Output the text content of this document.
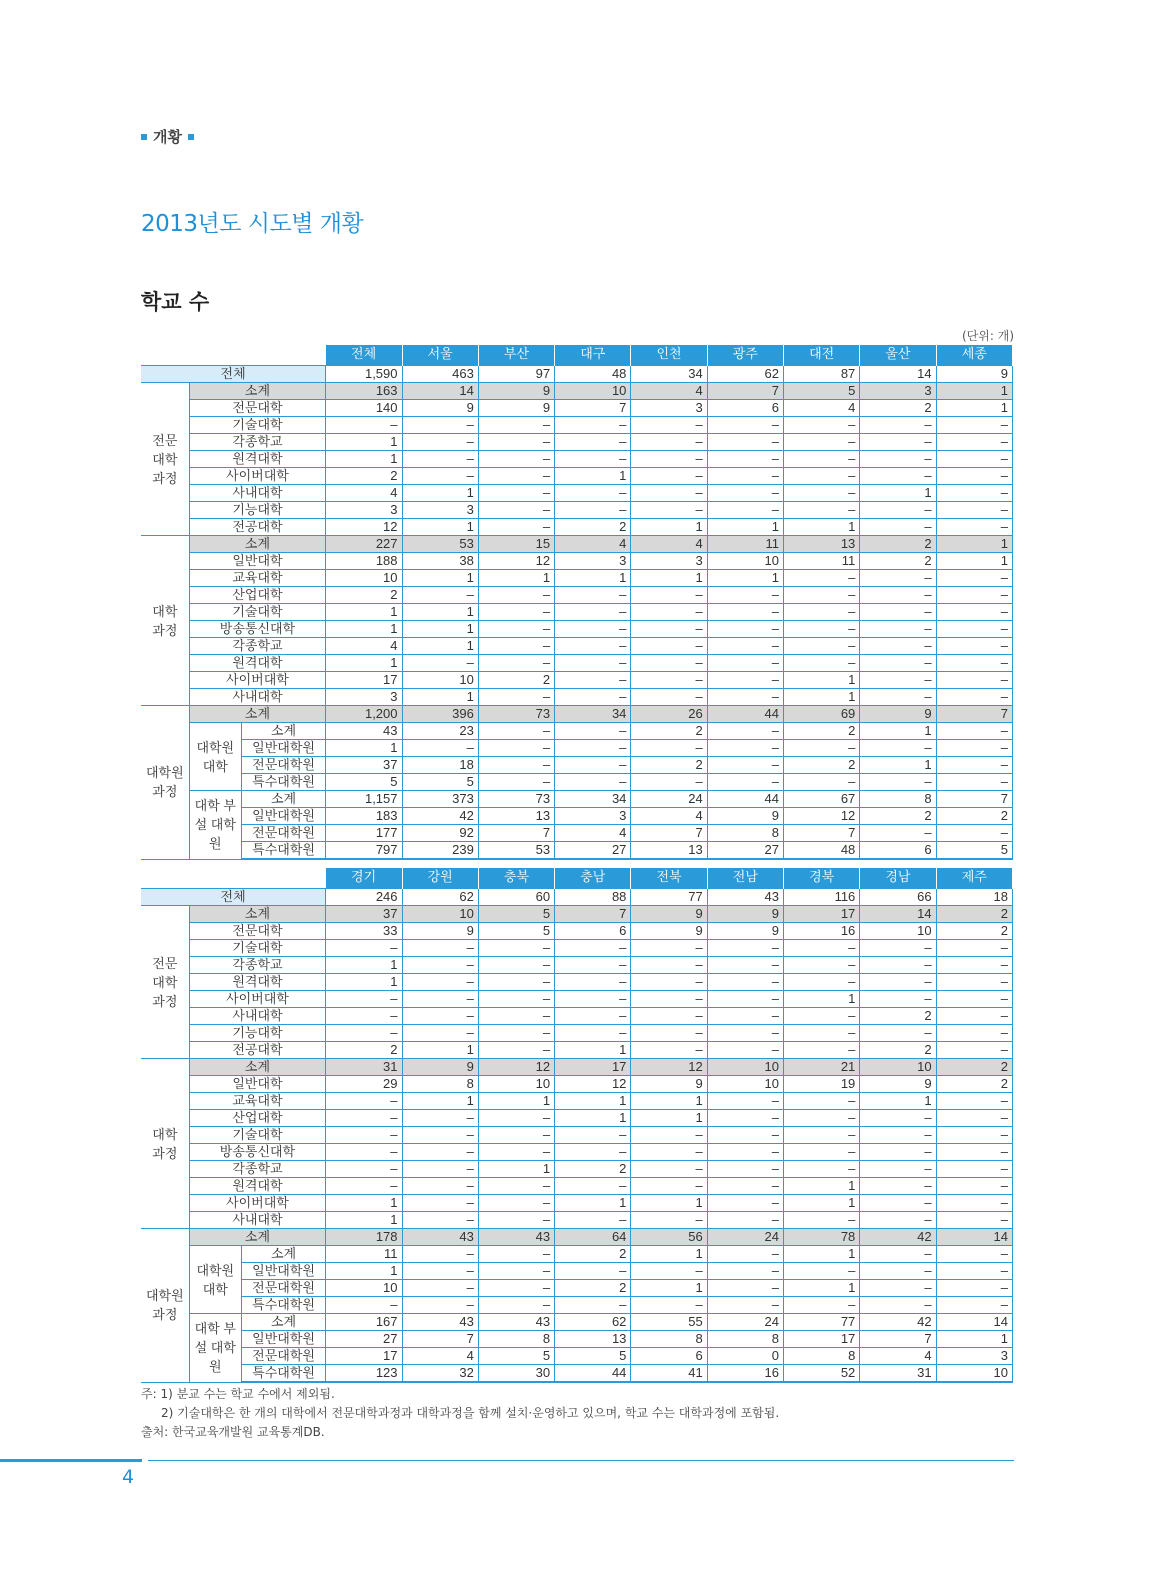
개황
2013년도 시도별 개황
학교 수
(단위: 개)
			전체	서울	부산	대구	인천	광주	대전	울산	세종
전체			1,590	463	97	48	34	62	87	14	9
전문 대학 과정	소계		163	14	9	10	4	7	5	3	1
	전문대학		140	9	9	7	3	6	4	2	1
	기술대학		–	–	–	–	–	–	–	–	–
	각종학교		1	–	–	–	–	–	–	–	–
	원격대학		1	–	–	–	–	–	–	–	–
	사이버대학		2	–	–	1	–	–	–	–	–
	사내대학		4	1	–	–	–	–	–	1	–
	기능대학		3	3	–	–	–	–	–	–	–
	전공대학		12	1	–	2	1	1	1	–	–
대학 과정	소계		227	53	15	4	4	11	13	2	1
	일반대학		188	38	12	3	3	10	11	2	1
	교육대학		10	1	1	1	1	1	–	–	–
	산업대학		2	–	–	–	–	–	–	–	–
	기술대학		1	1	–	–	–	–	–	–	–
	방송통신대학		1	1	–	–	–	–	–	–	–
	각종학교		4	1	–	–	–	–	–	–	–
	원격대학		1	–	–	–	–	–	–	–	–
	사이버대학		17	10	2	–	–	–	1	–	–
	사내대학		3	1	–	–	–	–	1	–	–
대학원 과정	소계		1,200	396	73	34	26	44	69	9	7
	대학원 대학	소계	43	23	–	–	2	–	2	1	–
		일반대학원	1	–	–	–	–	–	–	–	–
		전문대학원	37	18	–	–	2	–	2	1	–
		특수대학원	5	5	–	–	–	–	–	–	–
	대학 부설 대학원	소계	1,157	373	73	34	24	44	67	8	7
		일반대학원	183	42	13	3	4	9	12	2	2
		전문대학원	177	92	7	4	7	8	7	–	–
		특수대학원	797	239	53	27	13	27	48	6	5
			경기	강원	충북	충남	전북	전남	경북	경남	제주
전체			246	62	60	88	77	43	116	66	18
전문 대학 과정	소계		37	10	5	7	9	9	17	14	2
	전문대학		33	9	5	6	9	9	16	10	2
	기술대학		–	–	–	–	–	–	–	–	–
	각종학교		1	–	–	–	–	–	–	–	–
	원격대학		1	–	–	–	–	–	–	–	–
	사이버대학		–	–	–	–	–	–	1	–	–
	사내대학		–	–	–	–	–	–	–	2	–
	기능대학		–	–	–	–	–	–	–	–	–
	전공대학		2	1	–	1	–	–	–	2	–
대학 과정	소계		31	9	12	17	12	10	21	10	2
	일반대학		29	8	10	12	9	10	19	9	2
	교육대학		–	1	1	1	1	–	–	1	–
	산업대학		–	–	–	1	1	–	–	–	–
	기술대학		–	–	–	–	–	–	–	–	–
	방송통신대학		–	–	–	–	–	–	–	–	–
	각종학교		–	–	1	2	–	–	–	–	–
	원격대학		–	–	–	–	–	–	1	–	–
	사이버대학		1	–	–	1	1	–	1	–	–
	사내대학		1	–	–	–	–	–	–	–	–
대학원 과정	소계		178	43	43	64	56	24	78	42	14
	대학원 대학	소계	11	–	–	2	1	–	1	–	–
		일반대학원	1	–	–	–	–	–	–	–	–
		전문대학원	10	–	–	2	1	–	1	–	–
		특수대학원	–	–	–	–	–	–	–	–	–
	대학 부설 대학원	소계	167	43	43	62	55	24	77	42	14
		일반대학원	27	7	8	13	8	8	17	7	1
		전문대학원	17	4	5	5	6	0	8	4	3
		특수대학원	123	32	30	44	41	16	52	31	10
주: 1) 분교 수는 학교 수에서 제외됨.
2) 기술대학은 한 개의 대학에서 전문대학과정과 대학과정을 함께 설치·운영하고 있으며, 학교 수는 대학과정에 포함됨.
출처: 한국교육개발원 교육통계DB.
4
